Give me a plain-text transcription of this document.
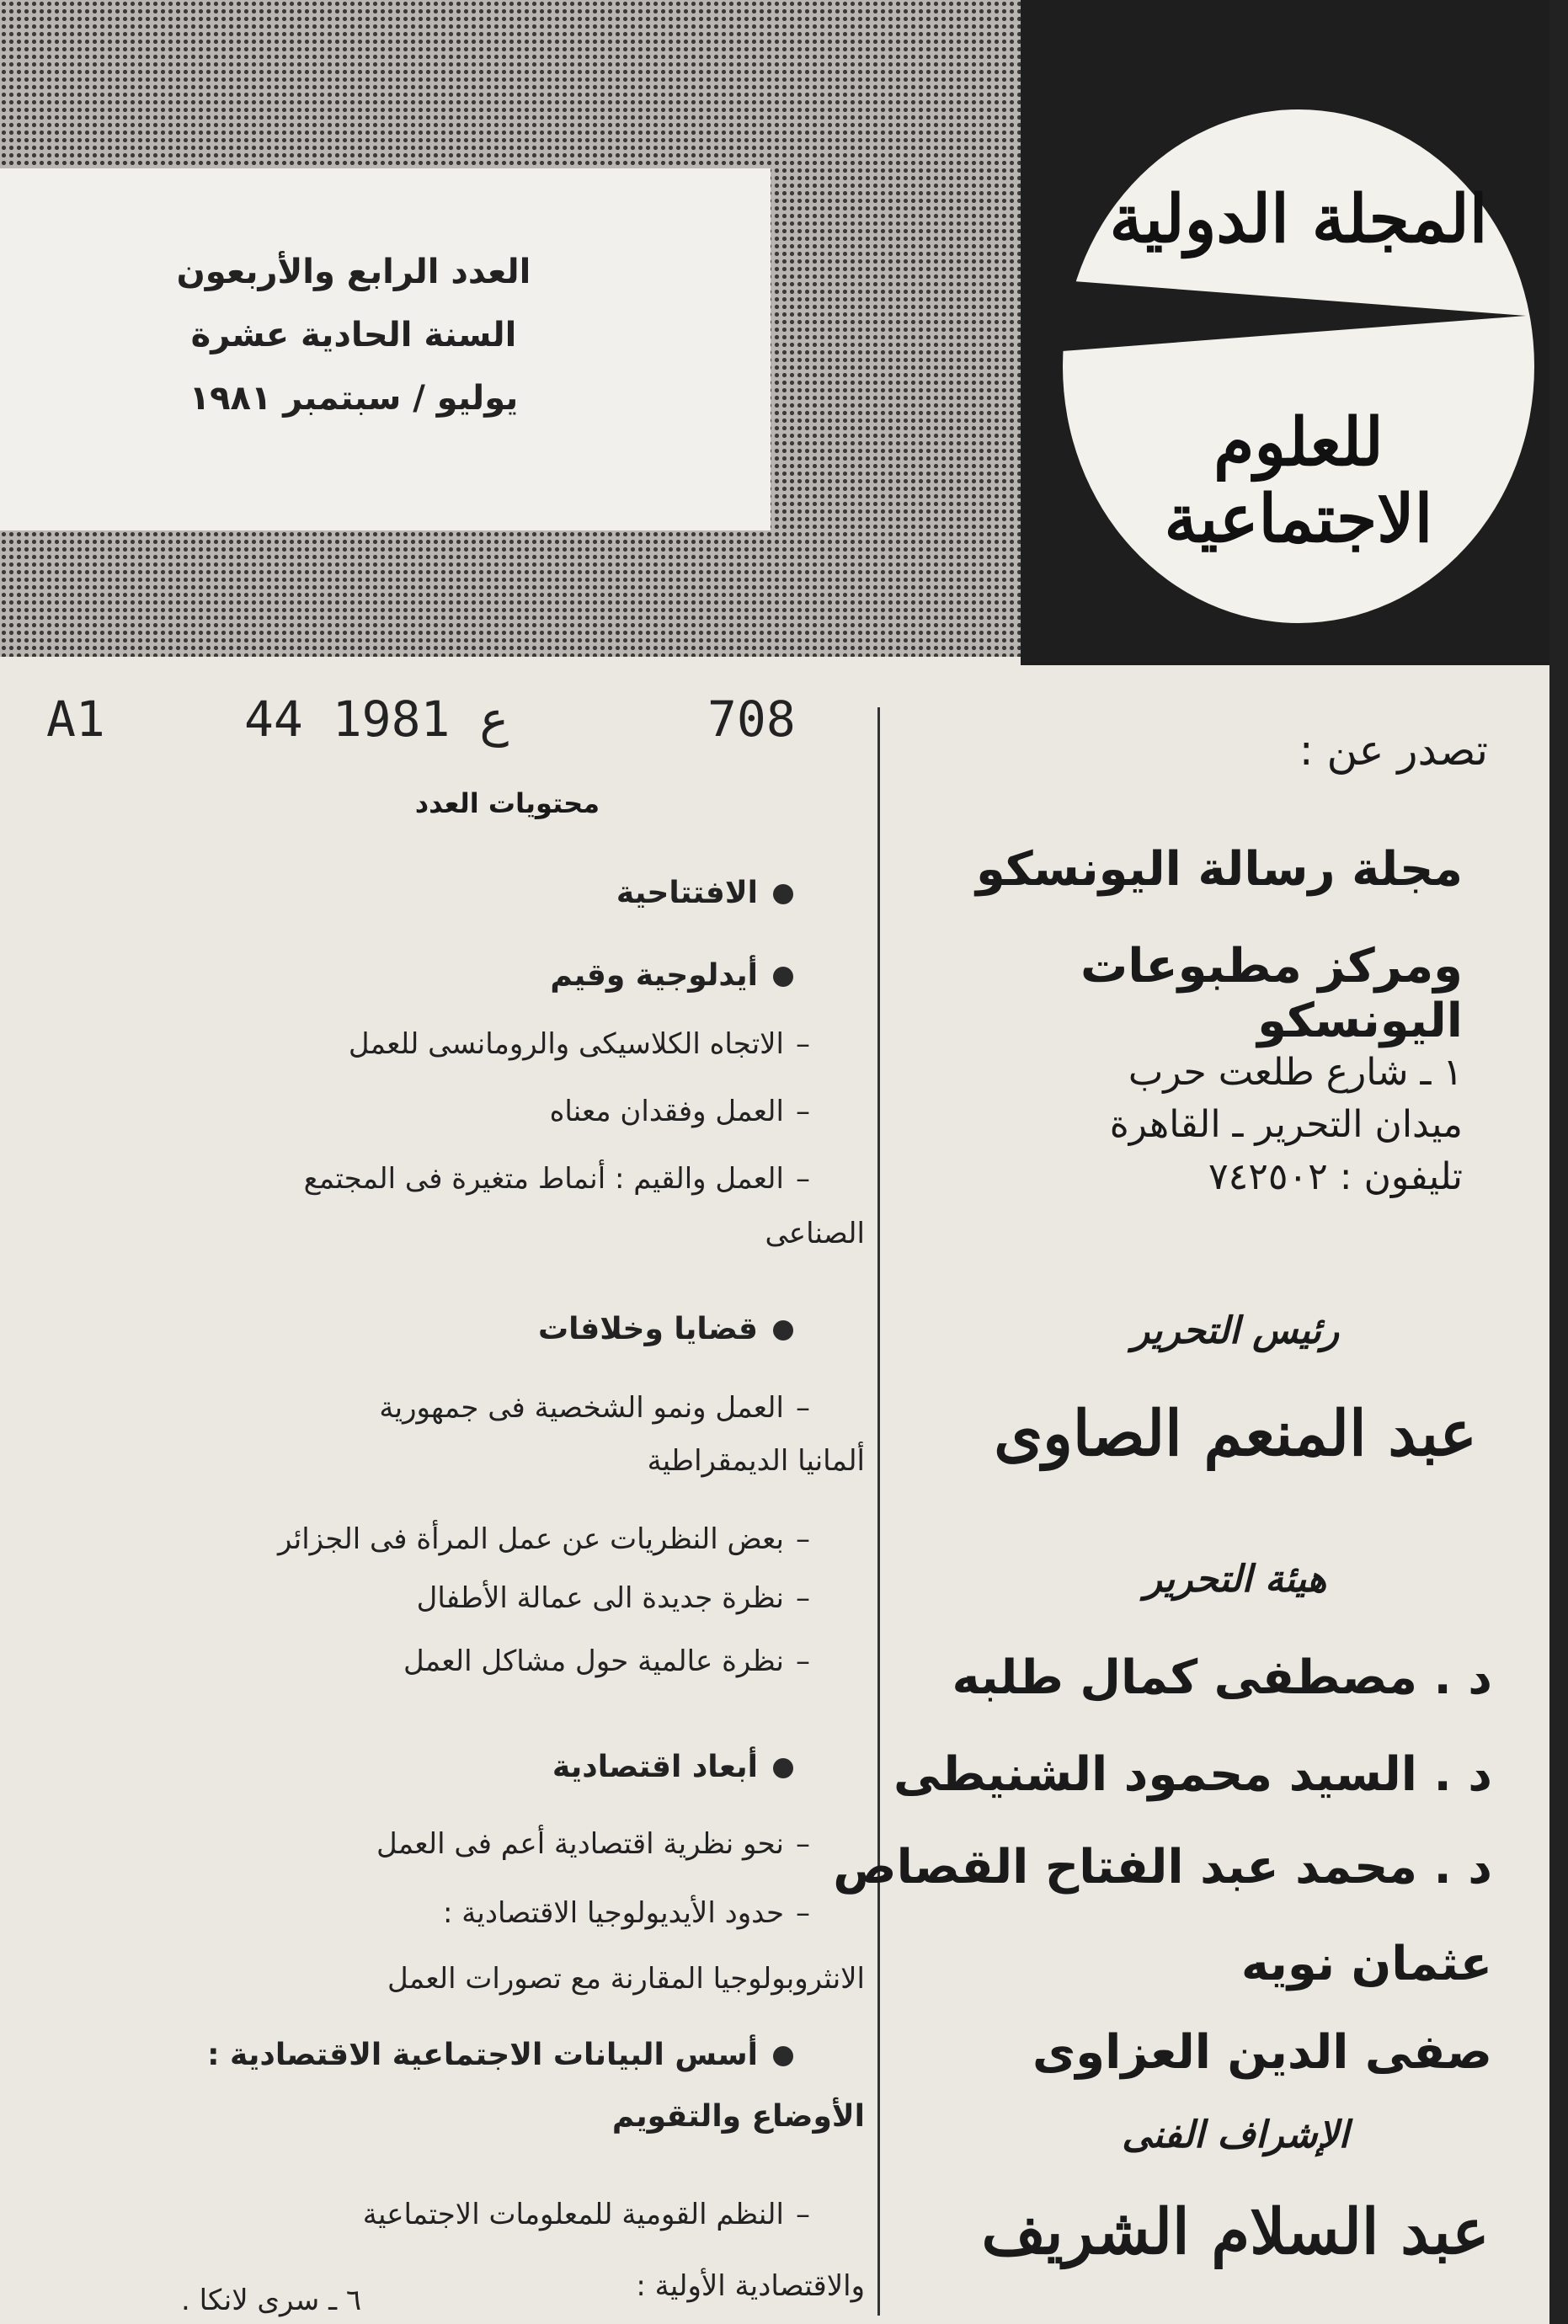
العدد الرابع والأربعون
السنة الحادية عشرة
يوليو / سبتمبر ١٩٨١
المجلة الدولية
للعلوم الاجتماعية
A1	44 ع 1981	708
محتويات العدد
الافتتاحية
أيدلوجية وقيم
–الاتجاه الكلاسيكى والرومانسى للعمل
–العمل وفقدان معناه
–العمل والقيم : أنماط متغيرة فى المجتمع
الصناعى
قضايا وخلافات
–العمل ونمو الشخصية فى جمهورية
ألمانيا الديمقراطية
–بعض النظريات عن عمل المرأة فى الجزائر
–نظرة جديدة الى عمالة الأطفال
–نظرة عالمية حول مشاكل العمل
أبعاد اقتصادية
–نحو نظرية اقتصادية أعم فى العمل
–حدود الأيديولوجيا الاقتصادية :
الانثروبولوجيا المقارنة مع تصورات العمل
أسس البيانات الاجتماعية الاقتصادية :
الأوضاع والتقويم
–النظم القومية للمعلومات الاجتماعية
والاقتصادية الأولية :
٦ ـ سرى لانكا .
تصدر عن :
مجلة رسالة اليونسكو
ومركز مطبوعات اليونسكو
١ ـ شارع طلعت حرب
ميدان التحرير ـ القاهرة
تليفون : ٧٤٢٥٠٢
رئيس التحرير
عبد المنعم الصاوى
هيئة التحرير
د . مصطفى كمال طلبه
د . السيد محمود الشنيطى
د . محمد عبد الفتاح القصاص
عثمان نويه
صفى الدين العزاوى
الإشراف الفنى
عبد السلام الشريف
